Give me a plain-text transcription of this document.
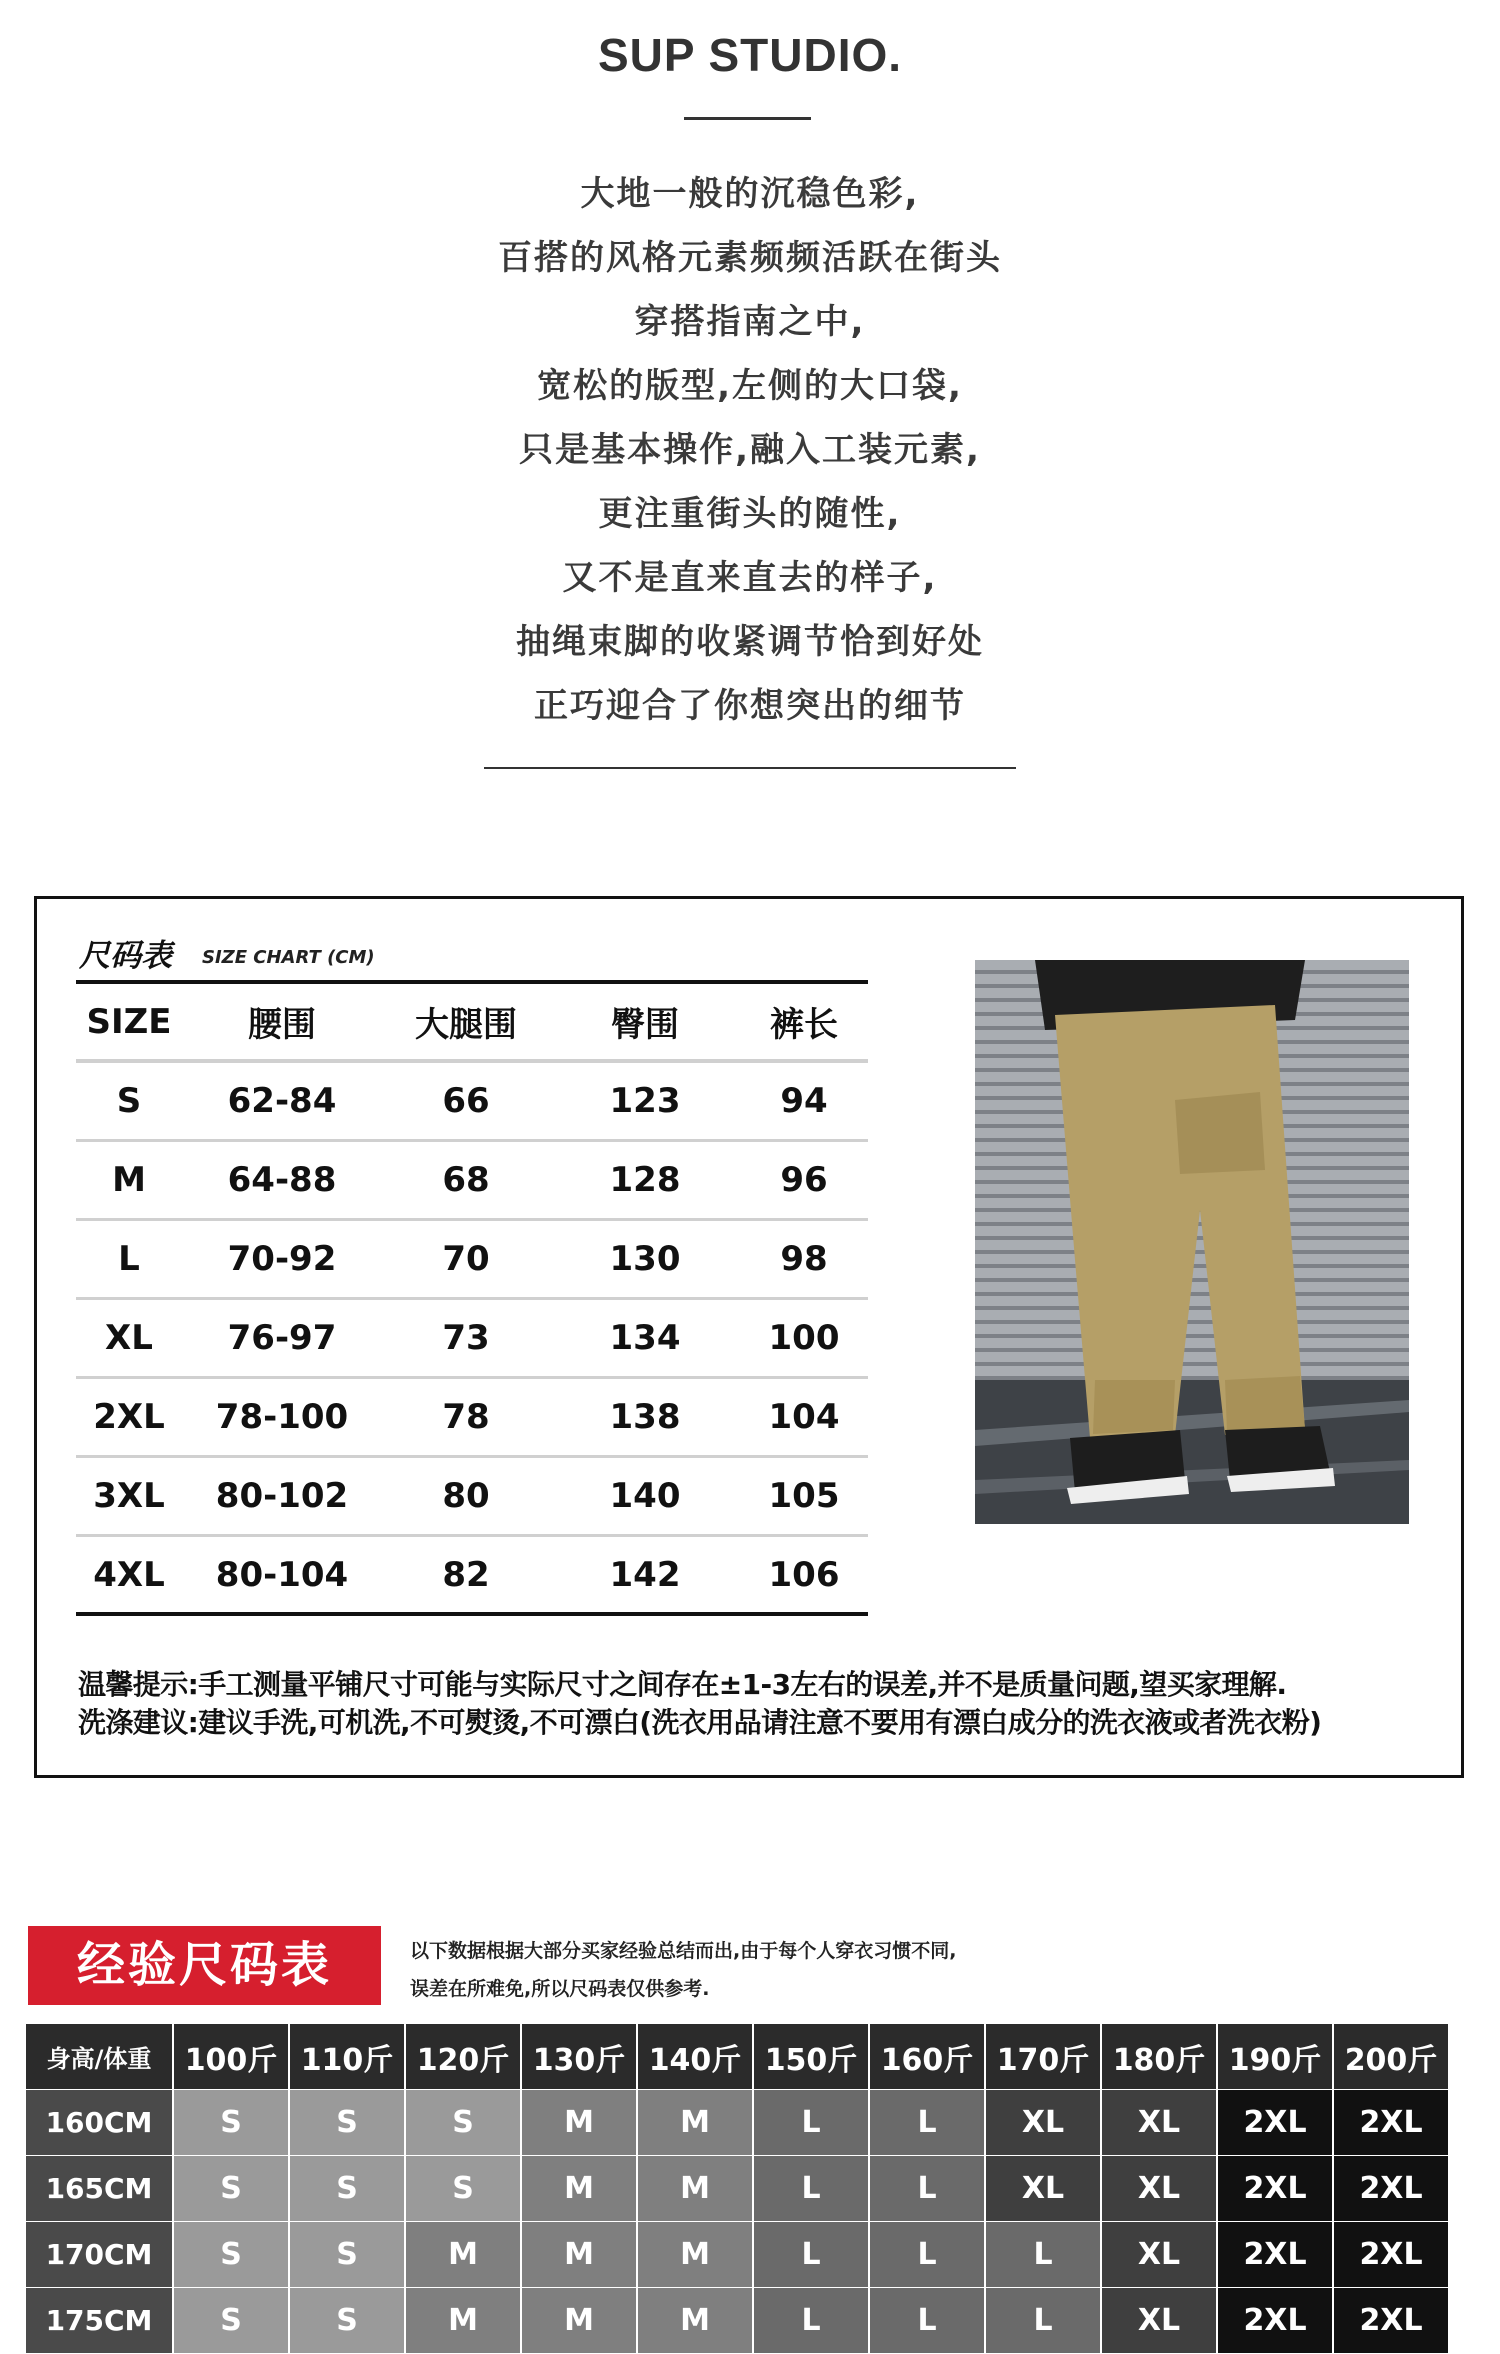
SUP STUDIO.
大地一般的沉稳色彩,
百搭的风格元素频频活跃在街头
穿搭指南之中,
宽松的版型,左侧的大口袋,
只是基本操作,融入工装元素,
更注重街头的随性,
又不是直来直去的样子,
抽绳束脚的收紧调节恰到好处
正巧迎合了你想突出的细节
尺码表 SIZE CHART (CM)
SIZE	腰围	大腿围	臀围	裤长
S	62-84	66	123	94
M	64-88	68	128	96
L	70-92	70	130	98
XL	76-97	73	134	100
2XL	78-100	78	138	104
3XL	80-102	80	140	105
4XL	80-104	82	142	106
温馨提示:手工测量平铺尺寸可能与实际尺寸之间存在±1-3左右的误差,并不是质量问题,望买家理解.
洗涤建议:建议手洗,可机洗,不可熨烫,不可漂白(洗衣用品请注意不要用有漂白成分的洗衣液或者洗衣粉)
经验尺码表	以下数据根据大部分买家经验总结而出,由于每个人穿衣习惯不同,
误差在所难免,所以尺码表仅供参考.
身高/体重	100斤 110斤 120斤 130斤 140斤 150斤 160斤 170斤 180斤 190斤 200斤
160CM	S	S	S	M	M	L	L	XL	XL	2XL	2XL
165CM	S	S	S	M	M	L	L	XL	XL	2XL	2XL
170CM	S	S	M	M	M	L	L	L	XL	2XL	2XL
175CM	S	S	M	M	M	L	L	L	XL	2XL	2XL
